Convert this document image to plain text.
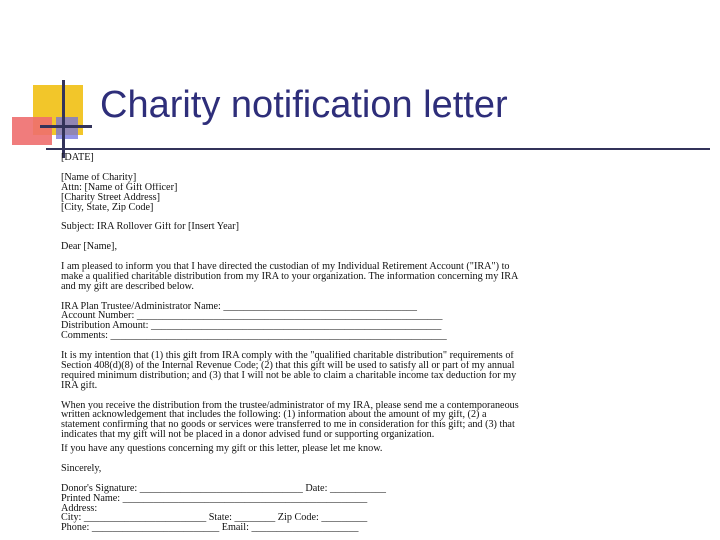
Charity notification letter
[DATE]
[Name of Charity]
Attn: [Name of Gift Officer]
[Charity Street Address]
[City, State, Zip Code]
Subject: IRA Rollover Gift for [Insert Year]
Dear [Name],
I am pleased to inform you that I have directed the custodian of my Individual Retirement Account ("IRA") to
make a qualified charitable distribution from my IRA to your organization. The information concerning my IRA
and my gift are described below.
IRA Plan Trustee/Administrator Name: ______________________________________
Account Number: ____________________________________________________________
Distribution Amount: _________________________________________________________
Comments: __________________________________________________________________
It is my intention that (1) this gift from IRA comply with the "qualified charitable distribution" requirements of
Section 408(d)(8) of the Internal Revenue Code; (2) that this gift will be used to satisfy all or part of my annual
required minimum distribution; and (3) that I will not be able to claim a charitable income tax deduction for my
IRA gift.
When you receive the distribution from the trustee/administrator of my IRA, please send me a contemporaneous
written acknowledgement that includes the following: (1) information about the amount of my gift, (2) a
statement confirming that no goods or services were transferred to me in consideration for this gift; and (3) that
indicates that my gift will not be placed in a donor advised fund or supporting organization.
If you have any questions concerning my gift or this letter, please let me know.
Sincerely,
Donor's Signature: ________________________________ Date: ___________
Printed Name: ________________________________________________
Address:
City: ________________________ State: ________ Zip Code: _________
Phone: _________________________ Email: _____________________
